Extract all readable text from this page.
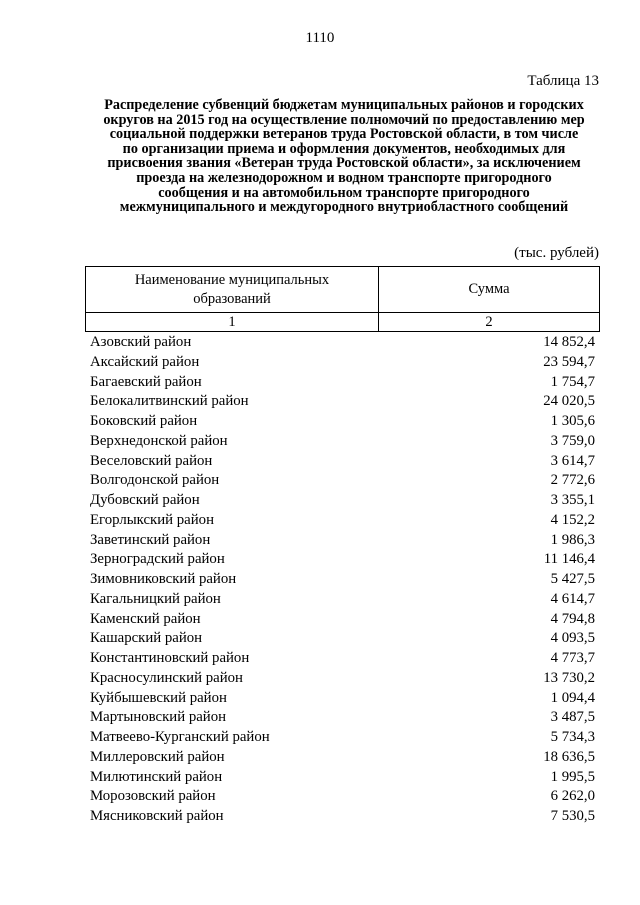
1110
Таблица 13
Распределение субвенций бюджетам муниципальных районов и городских
округов на 2015 год на осуществление полномочий по предоставлению мер
социальной поддержки ветеранов труда Ростовской области, в том числе
по организации приема и оформления документов, необходимых для
присвоения звания «Ветеран труда Ростовской области», за исключением
проезда на железнодорожном и водном транспорте пригородного
сообщения и на автомобильном транспорте пригородного
межмуниципального и междугородного внутриобластного сообщений
(тыс. рублей)
Наименование муниципальных
образований	Сумма
1	2
Азовский район	14 852,4
Аксайский район	23 594,7
Багаевский район	1 754,7
Белокалитвинский район	24 020,5
Боковский район	1 305,6
Верхнедонской район	3 759,0
Веселовский район	3 614,7
Волгодонской район	2 772,6
Дубовский район	3 355,1
Егорлыкский район	4 152,2
Заветинский район	1 986,3
Зерноградский район	11 146,4
Зимовниковский район	5 427,5
Кагальницкий район	4 614,7
Каменский район	4 794,8
Кашарский район	4 093,5
Константиновский район	4 773,7
Красносулинский район	13 730,2
Куйбышевский район	1 094,4
Мартыновский район	3 487,5
Матвеево-Курганский район	5 734,3
Миллеровский район	18 636,5
Милютинский район	1 995,5
Морозовский район	6 262,0
Мясниковский район	7 530,5
